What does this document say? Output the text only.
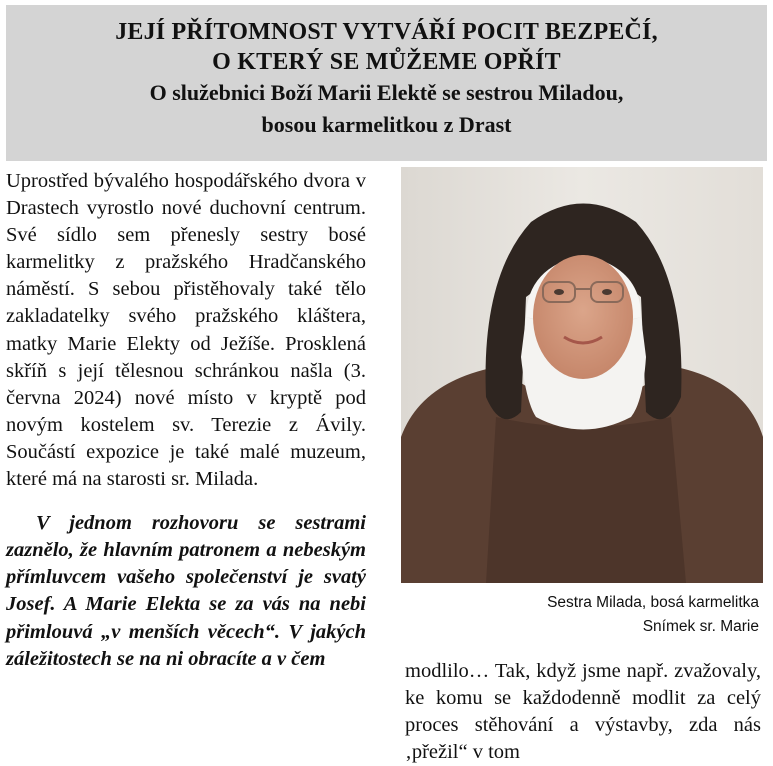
JEJÍ PŘÍTOMNOST VYTVÁŘÍ POCIT BEZPEČÍ,
O KTERÝ SE MŮŽEME OPŘÍT
O služebnici Boží Marii Elektě se sestrou Miladou,
bosou karmelitkou z Drast

Uprostřed bývalého hospodářského dvora v Drastech vyrostlo nové duchovní centrum. Své sídlo sem přenesly sestry bosé karmelitky z pražského Hradčanského náměstí. S sebou přistěhovaly také tělo zakladatelky svého pražského kláštera, matky Marie Elekty od Ježíše. Prosklená skříň s její tělesnou schránkou našla (3. června 2024) nové místo v kryptě pod novým kostelem sv. Terezie z Ávily. Součástí expozice je také malé muzeum, které má na starosti sr. Milada.

V jednom rozhovoru se sestrami zaznělo, že hlavním patronem a nebeským přímluvcem vašeho společenství je svatý Josef. A Marie Elekta se za vás na nebi přimlouvá „v menších věcech“. V jakých záležitostech se na ni obracíte a v čem

Sestra Milada, bosá karmelitka
Snímek sr. Marie

modlilo… Tak, když jsme např. zvažovaly, ke komu se každodenně modlit za celý proces stěhování a výstavby, zda nás ‚přežil“ v tom
